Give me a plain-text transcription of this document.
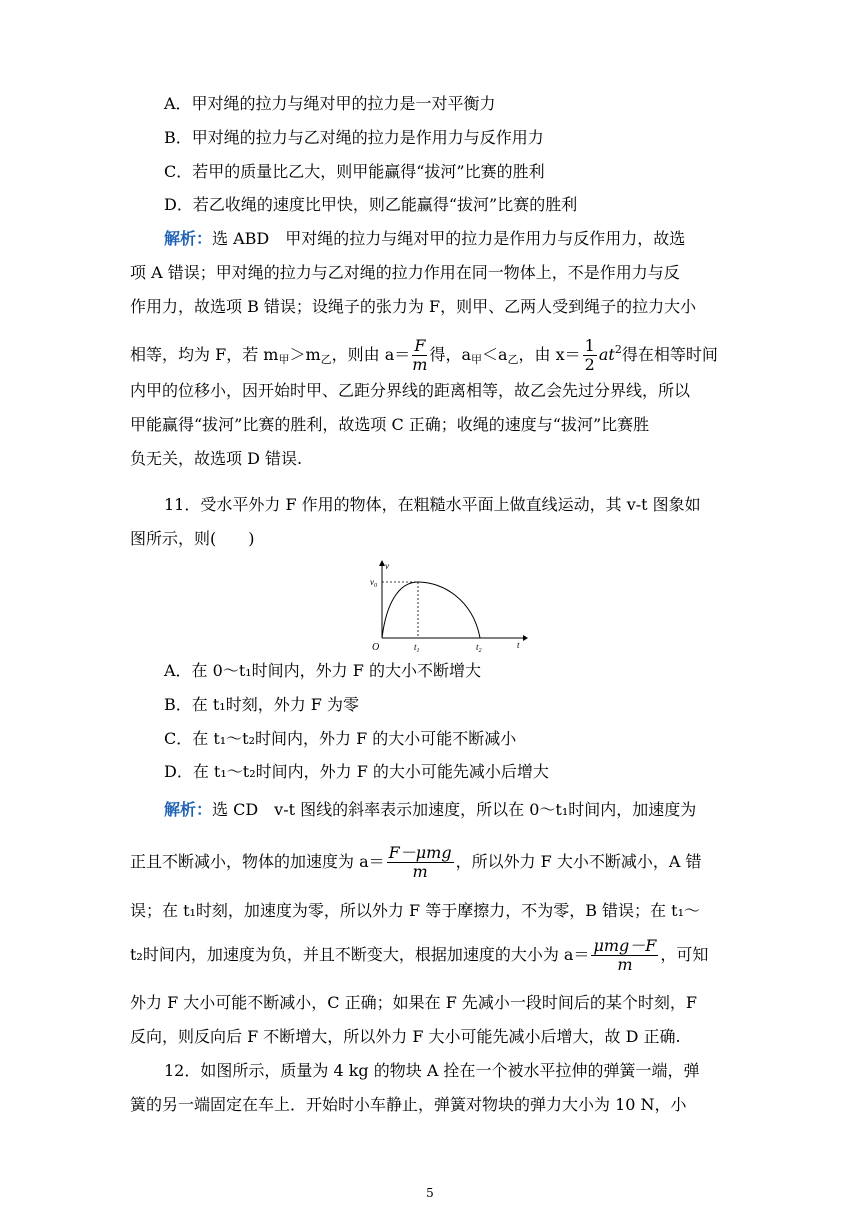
A．甲对绳的拉力与绳对甲的拉力是一对平衡力
B．甲对绳的拉力与乙对绳的拉力是作用力与反作用力
C．若甲的质量比乙大，则甲能赢得“拔河”比赛的胜利
D．若乙收绳的速度比甲快，则乙能赢得“拔河”比赛的胜利
解析：选 ABD　甲对绳的拉力与绳对甲的拉力是作用力与反作用力，故选
项 A 错误；甲对绳的拉力与乙对绳的拉力作用在同一物体上，不是作用力与反
作用力，故选项 B 错误；设绳子的张力为 F，则甲、乙两人受到绳子的拉力大小
相等，均为 F，若 $m_甲>m_乙$，则由 $a= \frac{F}{m}$ 得，$a_甲<a_乙$，由 $x= \frac{1}{2} at^2$得在相等时间
内甲的位移小，因开始时甲、乙距分界线的距离相等，故乙会先过分界线，所以
甲能赢得“拔河”比赛的胜利，故选项 C 正确；收绳的速度与“拔河”比赛胜
负无关，故选项 D 错误.
11．受水平外力 F 作用的物体，在粗糙水平面上做直线运动，其 v-t 图象如
图所示，则(　　)
v
$v_0$
O	$t_1$	$t_2$
t
A．在 0～t₁时间内，外力 F 的大小不断增大
B．在 t₁时刻，外力 F 为零
C．在 t₁～t₂时间内，外力 F 的大小可能不断减小
D．在 t₁～t₂时间内，外力 F 的大小可能先减小后增大
解析：选 CD　v-t 图线的斜率表示加速度，所以在 0～t₁时间内，加速度为
正且不断减小，物体的加速度为 $a= \frac{\text{F－μmg}}{m}$ ，所以外力 F 大小不断减小，A 错
误；在 t₁时刻，加速度为零，所以外力 F 等于摩擦力，不为零，B 错误；在 t₁～
t₂时间内，加速度为负，并且不断变大，根据加速度的大小为 $a= \frac{\text{μmg－F}}{m}$ ，可知
外力 F 大小可能不断减小，C 正确；如果在 F 先减小一段时间后的某个时刻，F
反向，则反向后 F 不断增大，所以外力 F 大小可能先减小后增大，故 D 正确.
12．如图所示，质量为 4 kg 的物块 A 拴在一个被水平拉伸的弹簧一端，弹
簧的另一端固定在车上．开始时小车静止，弹簧对物块的弹力大小为 10 N，小
5
